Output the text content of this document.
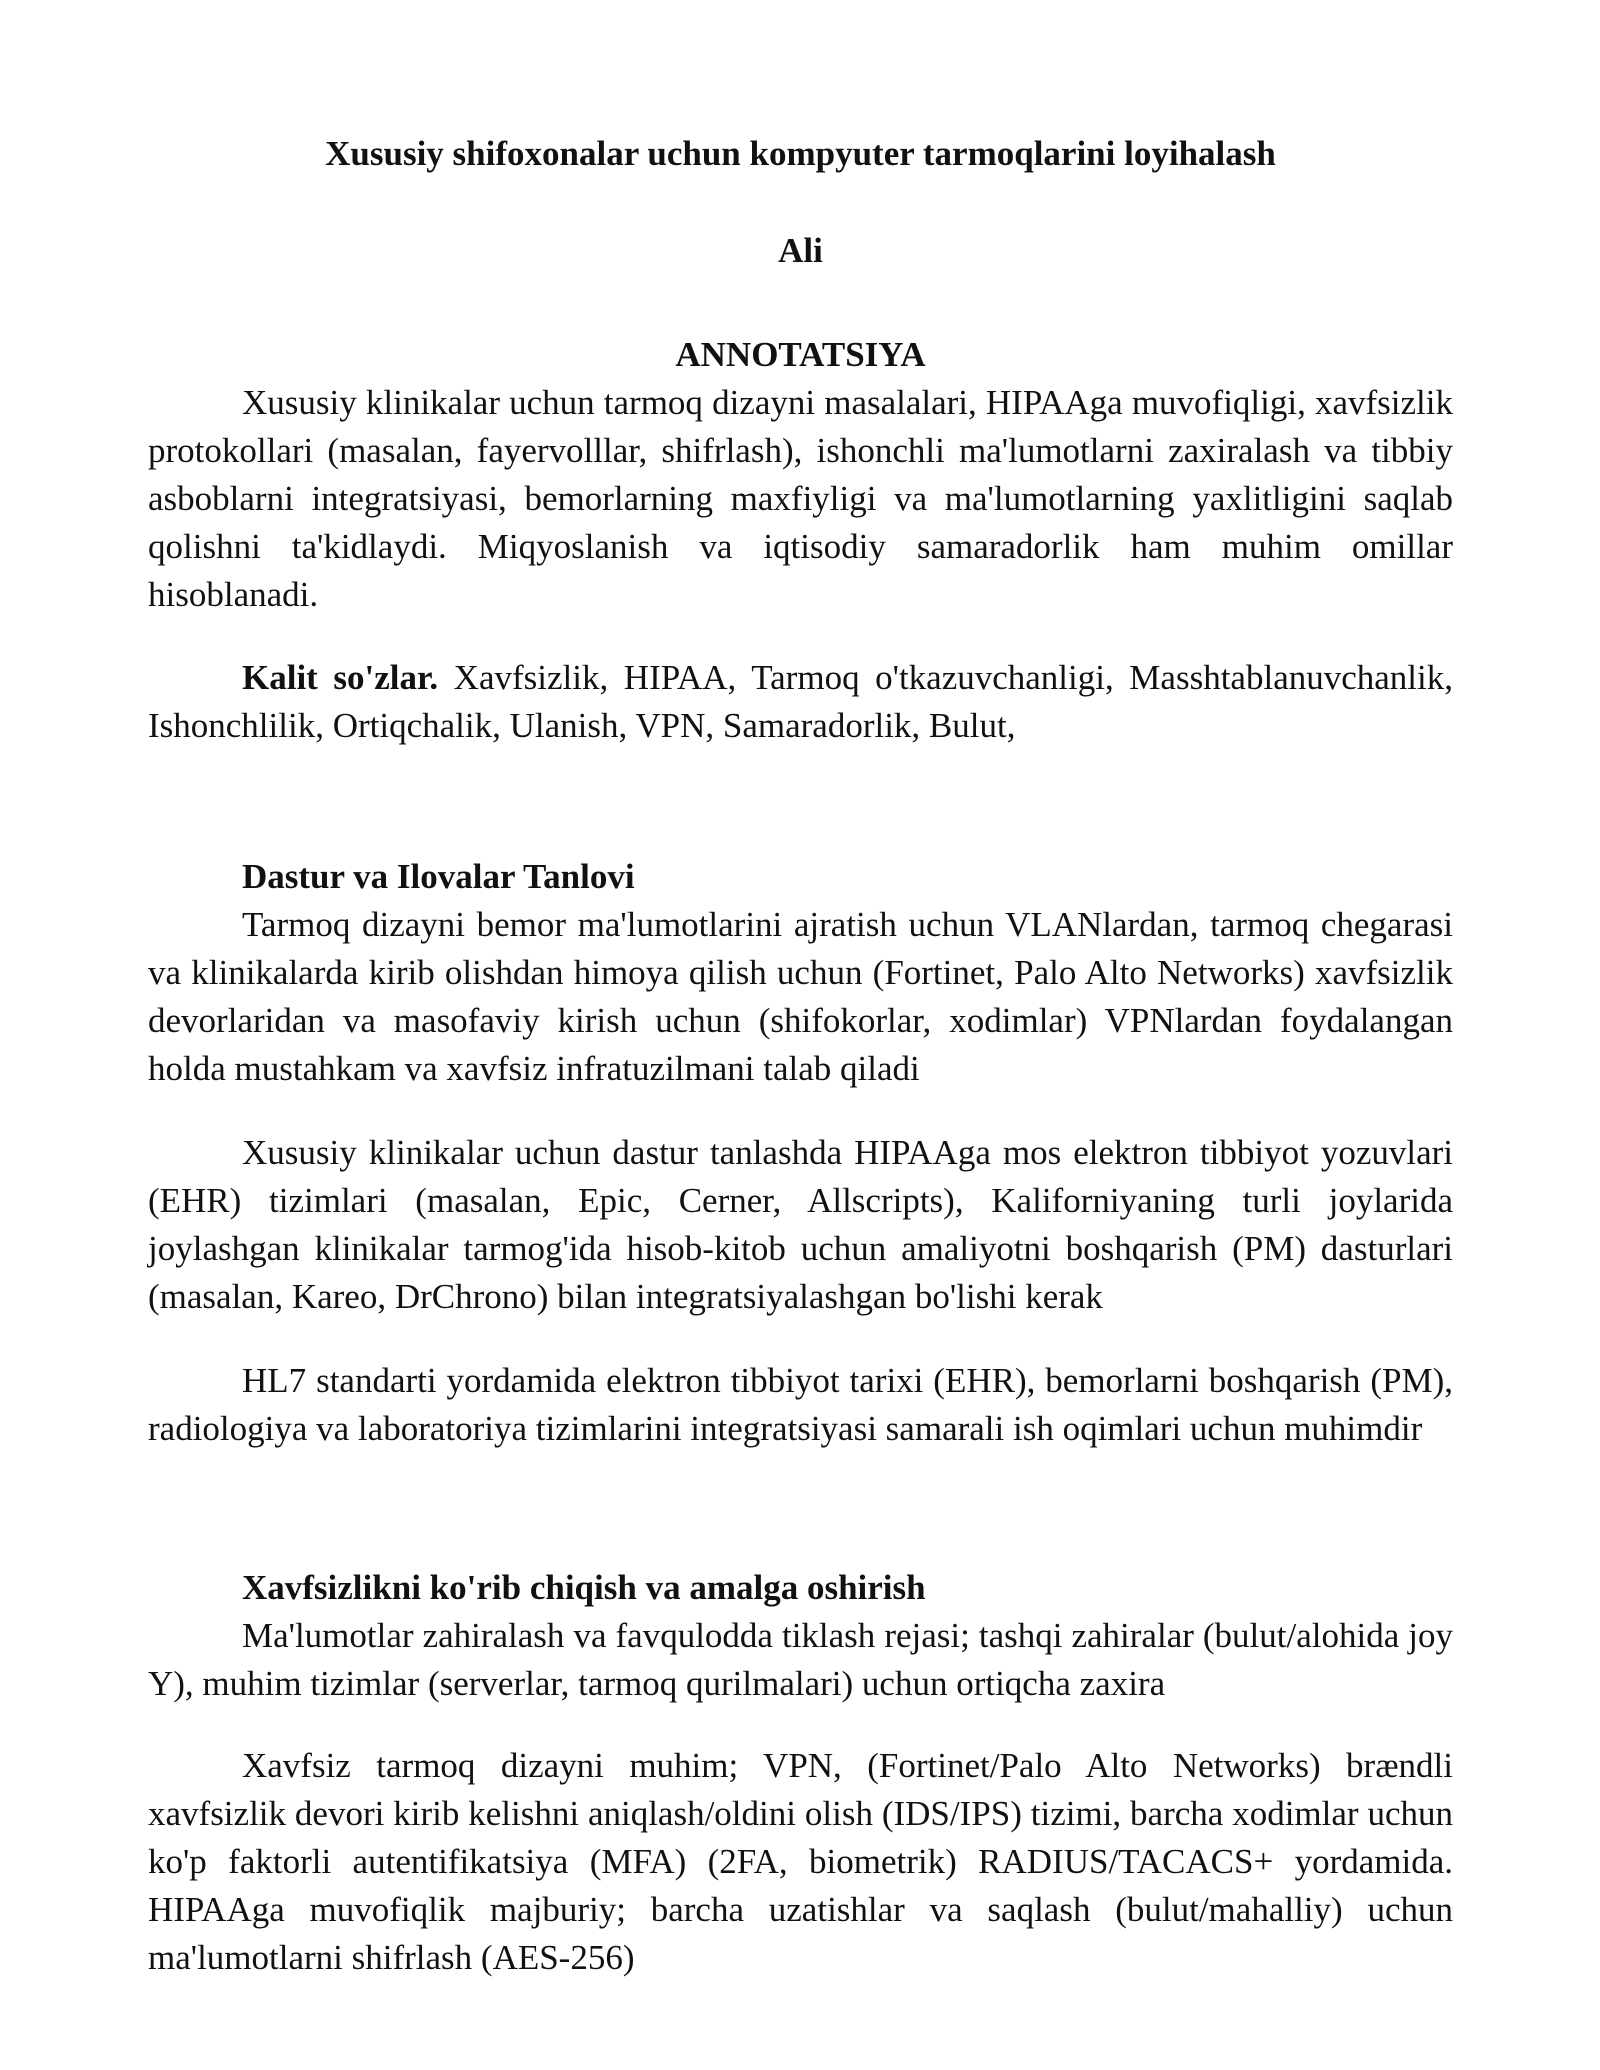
Xususiy shifoxonalar uchun kompyuter tarmoqlarini loyihalash
Ali
ANNOTATSIYA

Xususiy klinikalar uchun tarmoq dizayni masalalari, HIPAAga muvofiqligi, xavfsizlik protokollari (masalan, fayervolllar, shifrlash), ishonchli ma'lumotlarni zaxiralash va tibbiy asboblarni integratsiyasi, bemorlarning maxfiyligi va ma'lumotlarning yaxlitligini saqlab qolishni ta'kidlaydi. Miqyoslanish va iqtisodiy samaradorlik ham muhim omillar hisoblanadi.

Kalit so'zlar. Xavfsizlik, HIPAA, Tarmoq o'tkazuvchanligi, Masshtablanuvchanlik, Ishonchlilik, Ortiqchalik, Ulanish, VPN, Samaradorlik, Bulut,

Dastur va Ilovalar Tanlovi

Tarmoq dizayni bemor ma'lumotlarini ajratish uchun VLANlardan, tarmoq chegarasi va klinikalarda kirib olishdan himoya qilish uchun (Fortinet, Palo Alto Networks) xavfsizlik devorlaridan va masofaviy kirish uchun (shifokorlar, xodimlar) VPNlardan foydalangan holda mustahkam va xavfsiz infratuzilmani talab qiladi

Xususiy klinikalar uchun dastur tanlashda HIPAAga mos elektron tibbiyot yozuvlari (EHR) tizimlari (masalan, Epic, Cerner, Allscripts), Kaliforniyaning turli joylarida joylashgan klinikalar tarmog'ida hisob-kitob uchun amaliyotni boshqarish (PM) dasturlari (masalan, Kareo, DrChrono) bilan integratsiyalashgan bo'lishi kerak

HL7 standarti yordamida elektron tibbiyot tarixi (EHR), bemorlarni boshqarish (PM), radiologiya va laboratoriya tizimlarini integratsiyasi samarali ish oqimlari uchun muhimdir

Xavfsizlikni ko'rib chiqish va amalga oshirish

Ma'lumotlar zahiralash va favqulodda tiklash rejasi; tashqi zahiralar (bulut/alohida joy Y), muhim tizimlar (serverlar, tarmoq qurilmalari) uchun ortiqcha zaxira

Xavfsiz tarmoq dizayni muhim; VPN, (Fortinet/Palo Alto Networks) brændli xavfsizlik devori kirib kelishni aniqlash/oldini olish (IDS/IPS) tizimi, barcha xodimlar uchun ko'p faktorli autentifikatsiya (MFA) (2FA, biometrik) RADIUS/TACACS+ yordamida. HIPAAga muvofiqlik majburiy; barcha uzatishlar va saqlash (bulut/mahalliy) uchun ma'lumotlarni shifrlash (AES-256)
